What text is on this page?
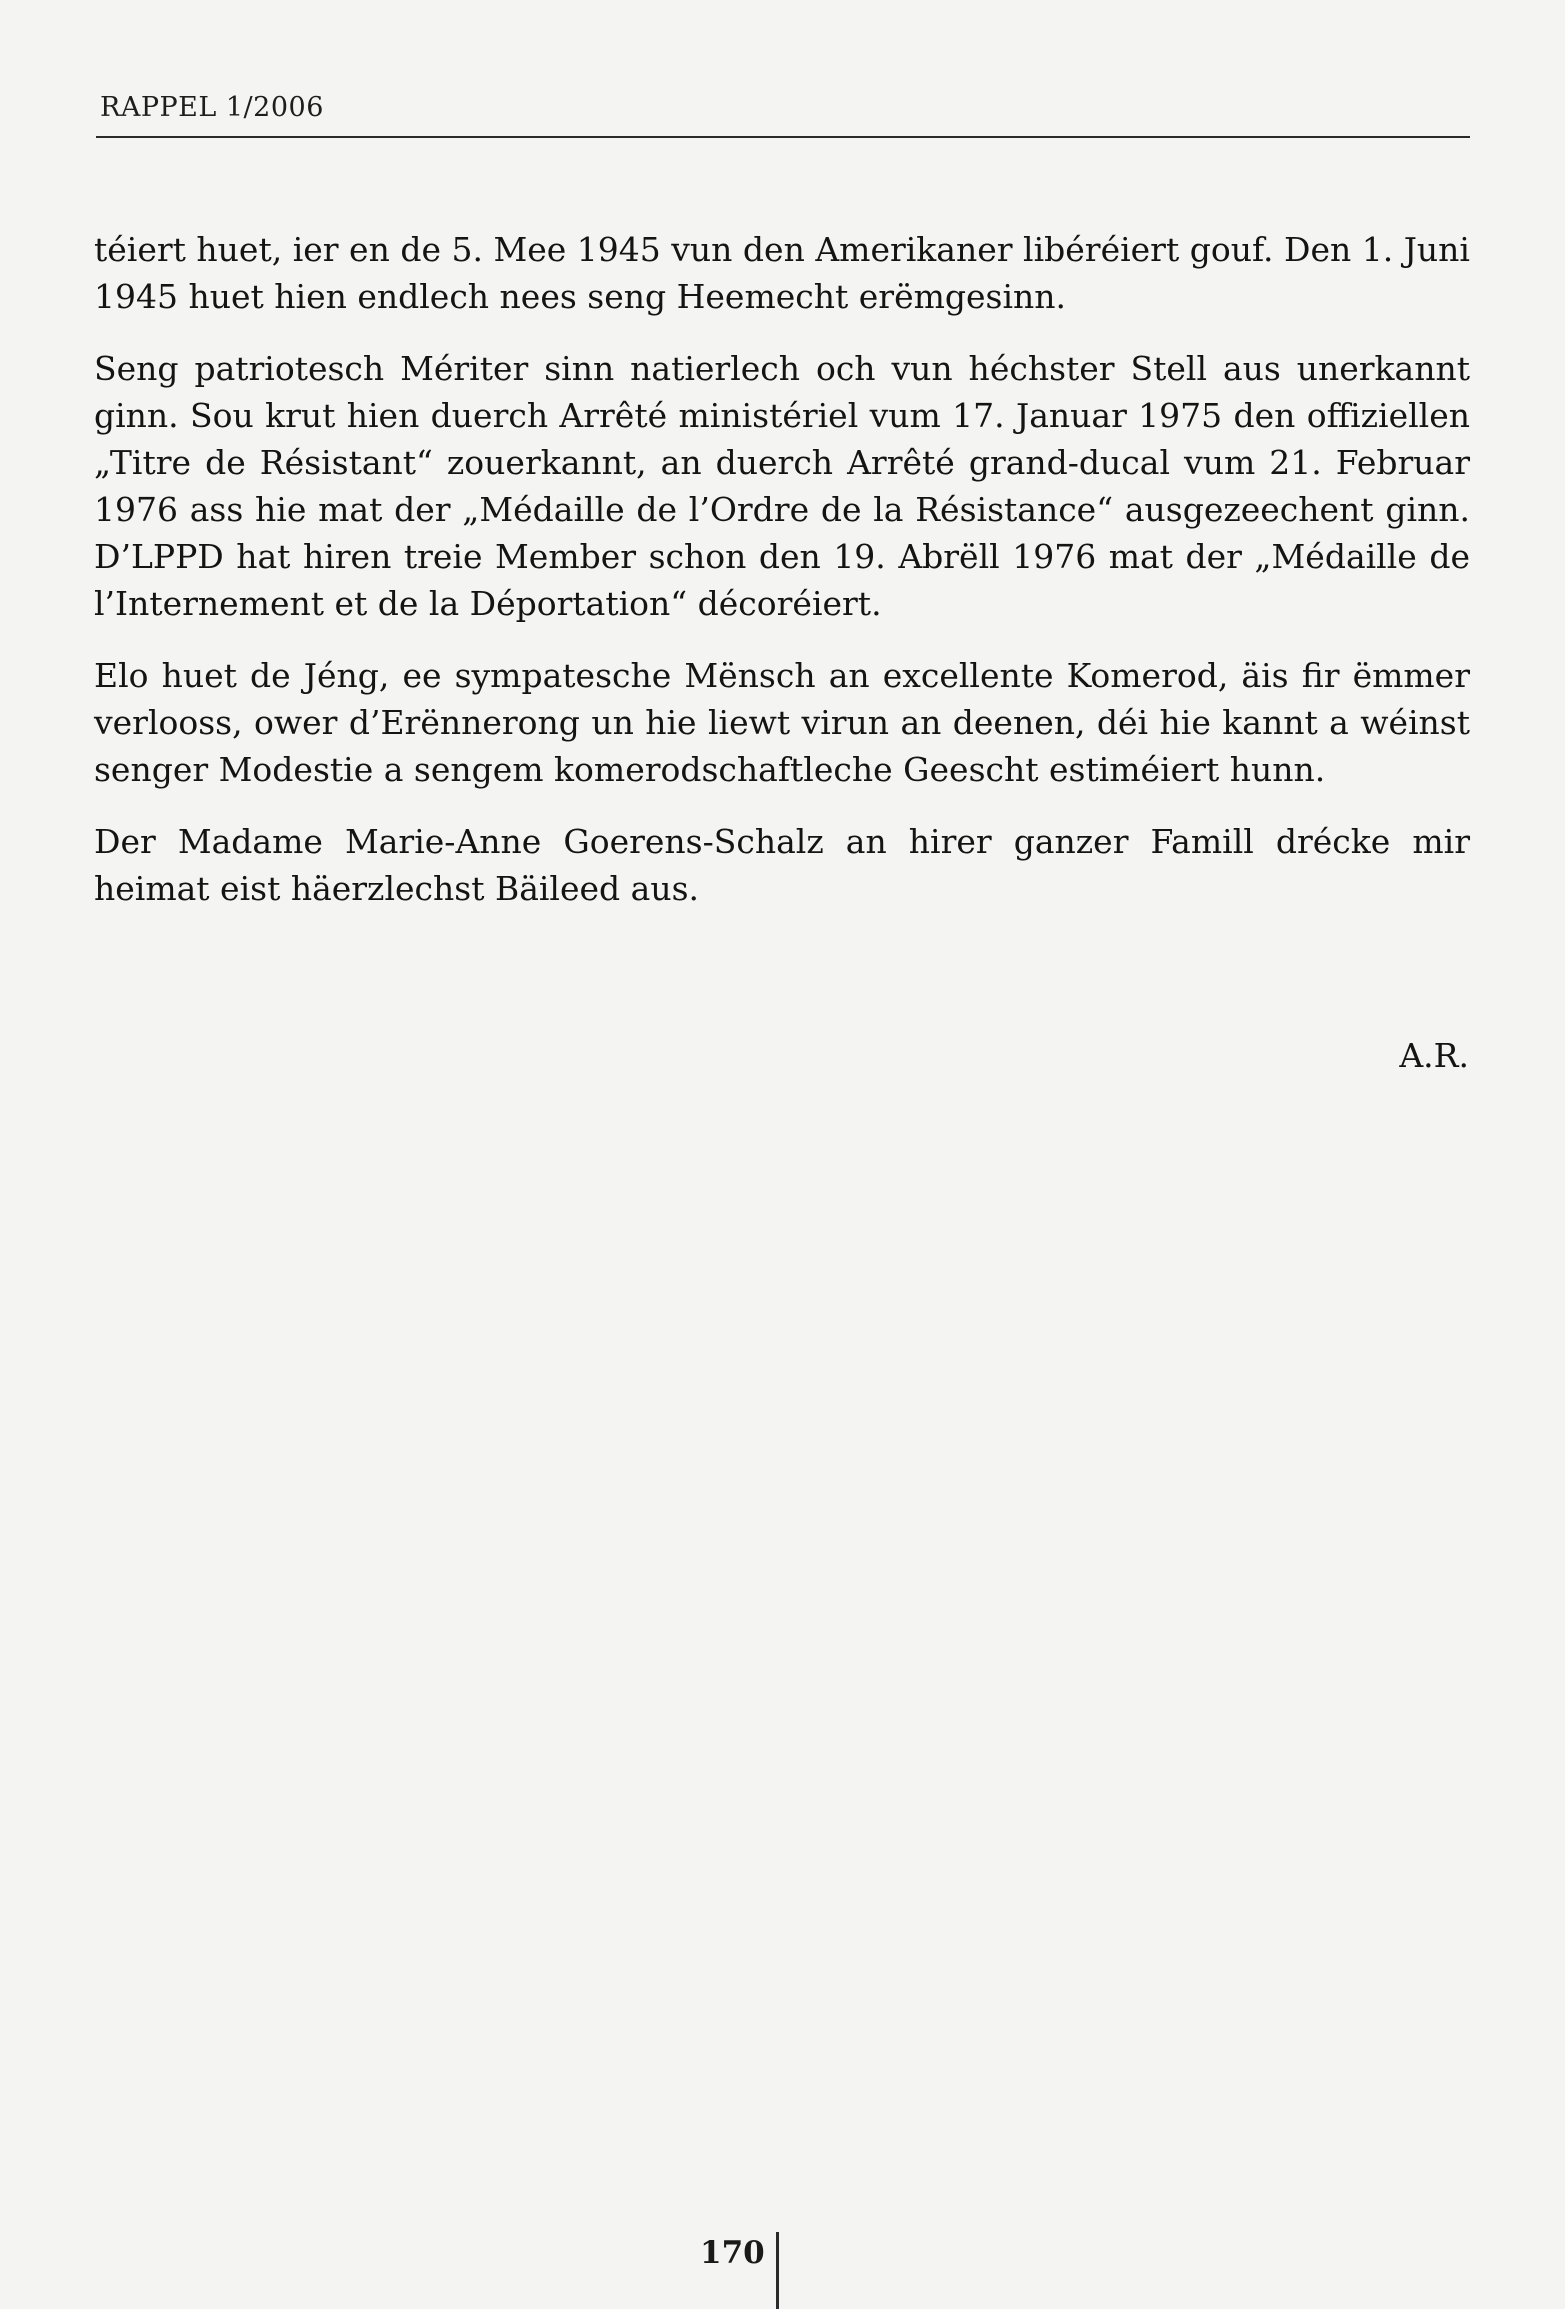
RAPPEL 1/2006

téiert huet, ier en de 5. Mee 1945 vun den Amerikaner libéréiert gouf. Den 1. Juni 1945 huet hien endlech nees seng Heemecht erëmgesinn.

Seng patriotesch Mériter sinn natierlech och vun héchster Stell aus unerkannt ginn. Sou krut hien duerch Arrêté ministériel vum 17. Januar 1975 den offiziellen „Titre de Résistant“ zouerkannt, an duerch Arrêté grand-ducal vum 21. Februar 1976 ass hie mat der „Médaille de l’Ordre de la Résistance“ ausgezeechent ginn. D’LPPD hat hiren treie Member schon den 19. Abrëll 1976 mat der „Médaille de l’Internement et de la Déportation“ décoréiert.

Elo huet de Jéng, ee sympatesche Mënsch an excellente Komerod, äis fir ëmmer verlooss, ower d’Erënnerong un hie liewt virun an deenen, déi hie kannt a wéinst senger Modestie a sengem komerodschaftleche Geescht estiméiert hunn.

Der Madame Marie-Anne Goerens-Schalz an hirer ganzer Famill drécke mir heimat eist häerzlechst Bäileed aus.

A.R.
170
